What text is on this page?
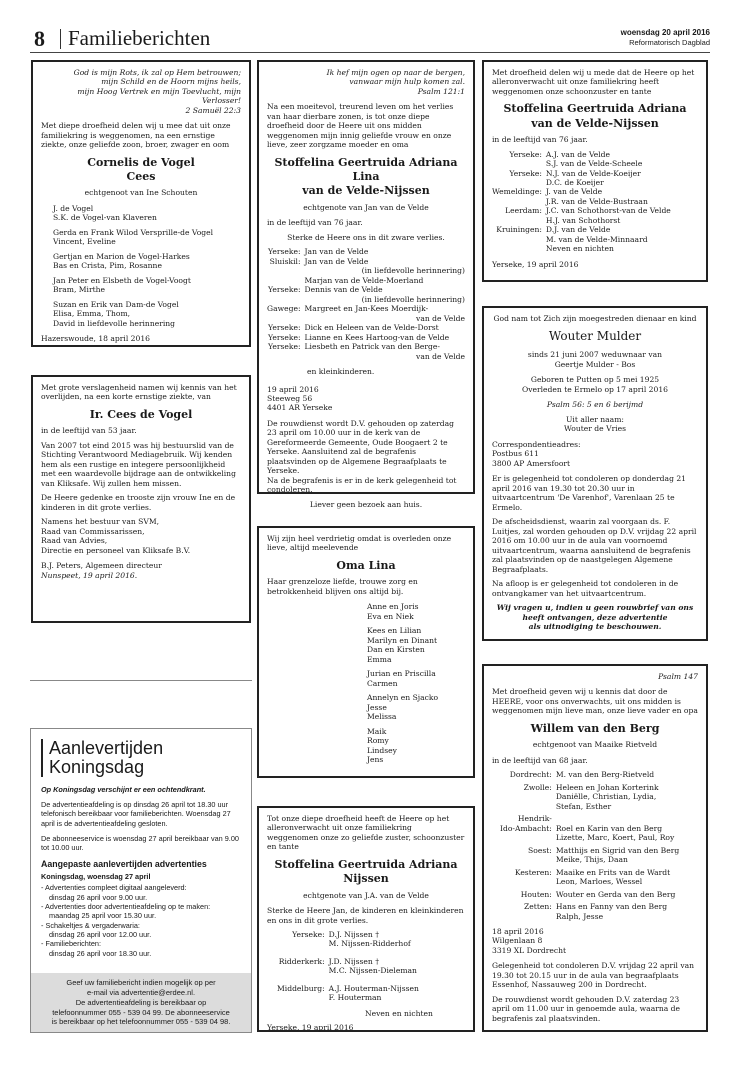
8 Familieberichten	woensdag 20 april 2016
Reformatorisch Dagblad
God is mijn Rots, ik zal op Hem betrouwen;
mijn Schild en de Hoorn mijns heils,
mijn Hoog Vertrek en mijn Toevlucht, mijn Verlosser!
2 Samuël 22:3

Met diepe droefheid delen wij u mee dat uit onze familiekring is weggenomen, na een ernstige ziekte, onze geliefde zoon, broer, zwager en oom

Cornelis de Vogel
Cees
echtgenoot van Ine Schouten
J. de Vogel
S.K. de Vogel-van Klaveren
Gerda en Frank Wilod Versprille-de Vogel
Vincent, Eveline
Gertjan en Marion de Vogel-Harkes
Bas en Crista, Pim, Rosanne
Jan Peter en Elsbeth de Vogel-Voogt
Bram, Mirthe
Suzan en Erik van Dam-de Vogel
Elisa, Emma, Thom,
David in liefdevolle herinnering
Hazerswoude, 18 april 2016
Ik hef mijn ogen op naar de bergen,
vanwaar mijn hulp komen zal.
Psalm 121:1

Na een moeitevol, treurend leven om het verlies van haar dierbare zonen, is tot onze diepe droefheid door de Heere uit ons midden weggenomen mijn innig geliefde vrouw en onze lieve, zeer zorgzame moeder en oma

Stoffelina Geertruida Adriana
Lina
van de Velde-Nijssen
echtgenote van Jan van de Velde

in de leeftijd van 76 jaar.

Sterke de Heere ons in dit zware verlies.

Yerseke: Jan van de Velde
Sluiskil: Jan van de Velde
(in liefdevolle herinnering)
Marjan van de Velde-Moerland
Yerseke: Dennis van de Velde
(in liefdevolle herinnering)
Gawege: Margreet en Jan-Kees Moerdijk-
van de Velde
Yerseke: Dick en Heleen van de Velde-Dorst
Yerseke: Lianne en Kees Hartoog-van de Velde
Yerseke: Liesbeth en Patrick van den Berge-
van de Velde

en kleinkinderen.

19 april 2016
Steeweg 56
4401 AR Yerseke

De rouwdienst wordt D.V. gehouden op zaterdag 23 april om 10.00 uur in de kerk van de Gereformeerde Gemeente, Oude Boogaert 2 te Yerseke. Aansluitend zal de begrafenis plaatsvinden op de Algemene Begraafplaats te Yerseke.

Na de begrafenis is er in de kerk gelegenheid tot condoleren.

Liever geen bezoek aan huis.

Met droefheid delen wij u mede dat de Heere op het alleronverwacht uit onze familiekring heeft weggenomen onze schoonzuster en tante

Stoffelina Geertruida Adriana
van de Velde-Nijssen

in de leeftijd van 76 jaar.

Yerseke: A.J. van de Velde
S.J. van de Velde-Scheele
Yerseke: N.J. van de Velde-Koeijer
D.C. de Koeijer
Wemeldinge: J. van de Velde
J.R. van de Velde-Bustraan
Leerdam: J.C. van Schothorst-van de Velde
H.J. van Schothorst
Kruiningen: D.J. van de Velde
M. van de Velde-Minnaard
Neven en nichten
Yerseke, 19 april 2016

God nam tot Zich zijn moegestreden dienaar en kind

Wouter Mulder
sinds 21 juni 2007 weduwnaar van
Geertje Mulder - Bos
Geboren te Putten op 5 mei 1925
Overleden te Ermelo op 17 april 2016

Psalm 56: 5 en 6 berijmd

Uit aller naam:
Wouter de Vries
Correspondentieadres:
Postbus 611
3800 AP Amersfoort

Er is gelegenheid tot condoleren op donderdag 21 april 2016 van 19.30 tot 20.30 uur in uitvaartcentrum 'De Varenhof', Varenlaan 25 te Ermelo.

De afscheidsdienst, waarin zal voorgaan ds. F. Luitjes, zal worden gehouden op D.V. vrijdag 22 april 2016 om 10.00 uur in de aula van voornoemd uitvaartcentrum, waarna aansluitend de begrafenis zal plaatsvinden op de naastgelegen Algemene Begraafplaats.

Na afloop is er gelegenheid tot condoleren in de ontvangkamer van het uitvaartcentrum.

Wij vragen u, indien u geen rouwbrief van ons
heeft ontvangen, deze advertentie
als uitnodiging te beschouwen.

Met grote verslagenheid namen wij kennis van het overlijden, na een korte ernstige ziekte, van

Ir. Cees de Vogel

in de leeftijd van 53 jaar.

Van 2007 tot eind 2015 was hij bestuurslid van de Stichting Verantwoord Mediagebruik. Wij kenden hem als een rustige en integere persoonlijkheid met een waardevolle bijdrage aan de ontwikkeling van Kliksafe. Wij zullen hem missen.

De Heere gedenke en trooste zijn vrouw Ine en de kinderen in dit grote verlies.

Namens het bestuur van SVM,
Raad van Commissarissen,
Raad van Advies,
Directie en personeel van Kliksafe B.V.
B.J. Peters, Algemeen directeur
Nunspeet, 19 april 2016.

Wij zijn heel verdrietig omdat is overleden onze lieve, altijd meelevende

Oma Lina

Haar grenzeloze liefde, trouwe zorg en betrokkenheid blijven ons altijd bij.

Anne en Joris
Eva en Niek
Kees en Lilian
Marilyn en Dinant
Dan en Kirsten
Emma
Jurian en Priscilla
Carmen
Annelyn en Sjacko
Jesse
Melissa
Maik
Romy
Lindsey
Jens

Tot onze diepe droefheid heeft de Heere op het alleronverwacht uit onze familiekring weggenomen onze zo geliefde zuster, schoonzuster en tante

Stoffelina Geertruida Adriana
Nijssen
echtgenote van J.A. van de Velde

Sterke de Heere Jan, de kinderen en kleinkinderen en ons in dit grote verlies.

Yerseke: D.J. Nijssen †
M. Nijssen-Ridderhof
Ridderkerk: J.D. Nijssen †
M.C. Nijssen-Dieleman
Middelburg: A.J. Houterman-Nijssen
F. Houterman

Neven en nichten

Yerseke, 19 april 2016
Psalm 147

Met droefheid geven wij u kennis dat door de HEERE, voor ons onverwachts, uit ons midden is weggenomen mijn lieve man, onze lieve vader en opa

Willem van den Berg
echtgenoot van Maaike Rietveld

in de leeftijd van 68 jaar.

Dordrecht: M. van den Berg-Rietveld
Zwolle: Heleen en Johan Korterink
Daniëlle, Christian, Lydia,
Stefan, Esther
Hendrik-
Ido-Ambacht: Roel en Karin van den Berg
Lizette, Marc, Koert, Paul, Roy
Soest: Matthijs en Sigrid van den Berg
Meike, Thijs, Daan
Kesteren: Maaike en Frits van de Wardt
Leon, Marloes, Wessel
Houten: Wouter en Gerda van den Berg
Zetten: Hans en Fanny van den Berg
Ralph, Jesse
18 april 2016
Wilgenlaan 8
3319 XL Dordrecht

Gelegenheid tot condoleren D.V. vrijdag 22 april van 19.30 tot 20.15 uur in de aula van begraafplaats Essenhof, Nassauweg 200 in Dordrecht.

De rouwdienst wordt gehouden D.V. zaterdag 23 april om 11.00 uur in genoemde aula, waarna de begrafenis zal plaatsvinden.

Aanlevertijden
Koningsdag
Op Koningsdag verschijnt er een ochtendkrant.
De advertentieafdeling is op dinsdag 26 april tot 18.30 uur telefonisch bereikbaar voor familieberichten. Woensdag 27 april is de advertentieafdeling gesloten.
De abonneeservice is woensdag 27 april bereikbaar van 9.00 tot 10.00 uur.
Aangepaste aanlevertijden advertenties
Koningsdag, woensdag 27 april
- Advertenties compleet digitaal aangeleverd:
dinsdag 26 april voor 9.00 uur.
- Advertenties door advertentieafdeling op te maken:
maandag 25 april voor 15.30 uur.
- Schakeltjes & vergaderwaria:
dinsdag 26 april voor 12.00 uur.
- Familieberichten:
dinsdag 26 april voor 18.30 uur.
Geef uw familiebericht indien mogelijk op per
e-mail via advertentie@erdee.nl.
De advertentieafdeling is bereikbaar op
telefoonnummer 055 - 539 04 99. De abonneeservice
is bereikbaar op het telefoonnummer 055 - 539 04 98.
